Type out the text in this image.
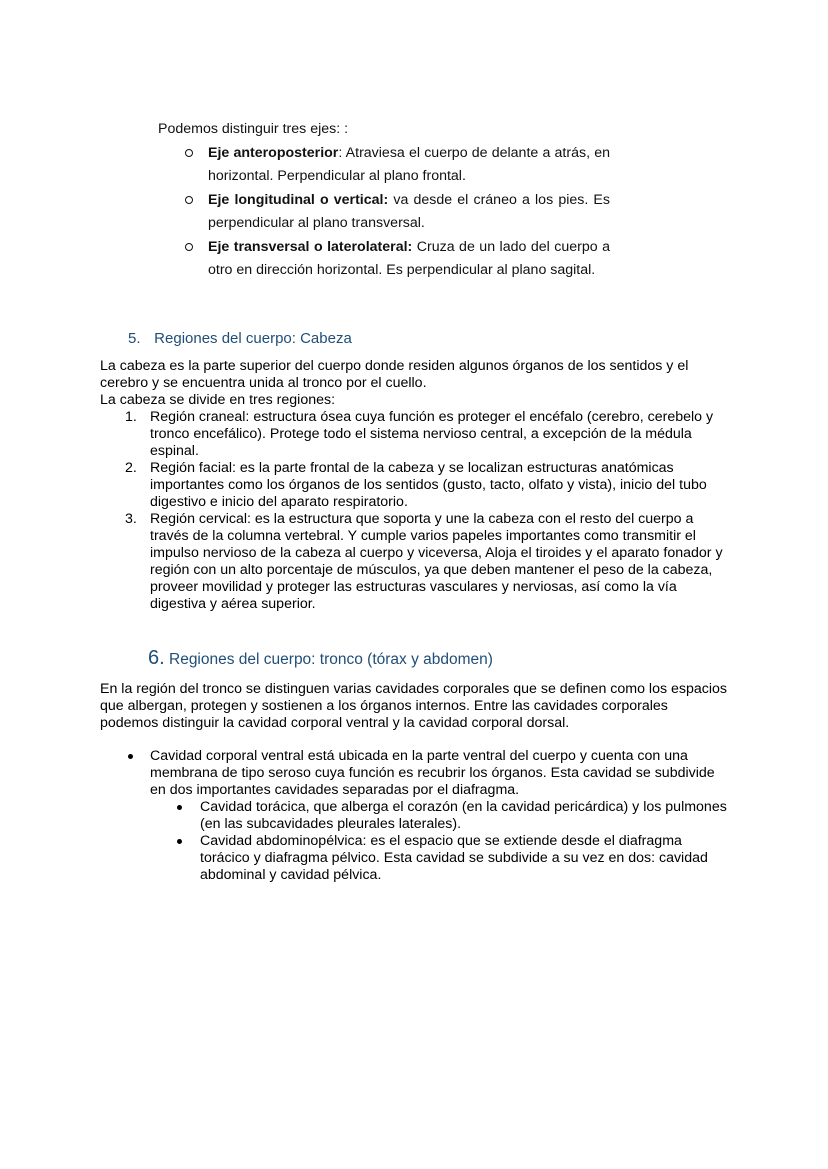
Podemos distinguir tres ejes: :
Eje anteroposterior: Atraviesa el cuerpo de delante a atrás, en horizontal. Perpendicular al plano frontal.
Eje longitudinal o vertical: va desde el cráneo a los pies. Es perpendicular al plano transversal.
Eje transversal o laterolateral: Cruza de un lado del cuerpo a otro en dirección horizontal. Es perpendicular al plano sagital.
5. Regiones del cuerpo: Cabeza

La cabeza es la parte superior del cuerpo donde residen algunos órganos de los sentidos y el cerebro y se encuentra unida al tronco por el cuello.

La cabeza se divide en tres regiones:

1. Región craneal: estructura ósea cuya función es proteger el encéfalo (cerebro, cerebelo y tronco encefálico). Protege todo el sistema nervioso central, a excepción de la médula espinal.
2. Región facial: es la parte frontal de la cabeza y se localizan estructuras anatómicas importantes como los órganos de los sentidos (gusto, tacto, olfato y vista), inicio del tubo digestivo e inicio del aparato respiratorio.
3. Región cervical: es la estructura que soporta y une la cabeza con el resto del cuerpo a través de la columna vertebral. Y cumple varios papeles importantes como transmitir el impulso nervioso de la cabeza al cuerpo y viceversa, Aloja el tiroides y el aparato fonador y región con un alto porcentaje de músculos, ya que deben mantener el peso de la cabeza, proveer movilidad y proteger las estructuras vasculares y nerviosas, así como la vía digestiva y aérea superior.
6. Regiones del cuerpo: tronco (tórax y abdomen)

En la región del tronco se distinguen varias cavidades corporales que se definen como los espacios que albergan, protegen y sostienen a los órganos internos. Entre las cavidades corporales podemos distinguir la cavidad corporal ventral y la cavidad corporal dorsal.

Cavidad corporal ventral está ubicada en la parte ventral del cuerpo y cuenta con una membrana de tipo seroso cuya función es recubrir los órganos. Esta cavidad se subdivide en dos importantes cavidades separadas por el diafragma.
Cavidad torácica, que alberga el corazón (en la cavidad pericárdica) y los pulmones (en las subcavidades pleurales laterales).
Cavidad abdominopélvica: es el espacio que se extiende desde el diafragma torácico y diafragma pélvico. Esta cavidad se subdivide a su vez en dos: cavidad abdominal y cavidad pélvica.
